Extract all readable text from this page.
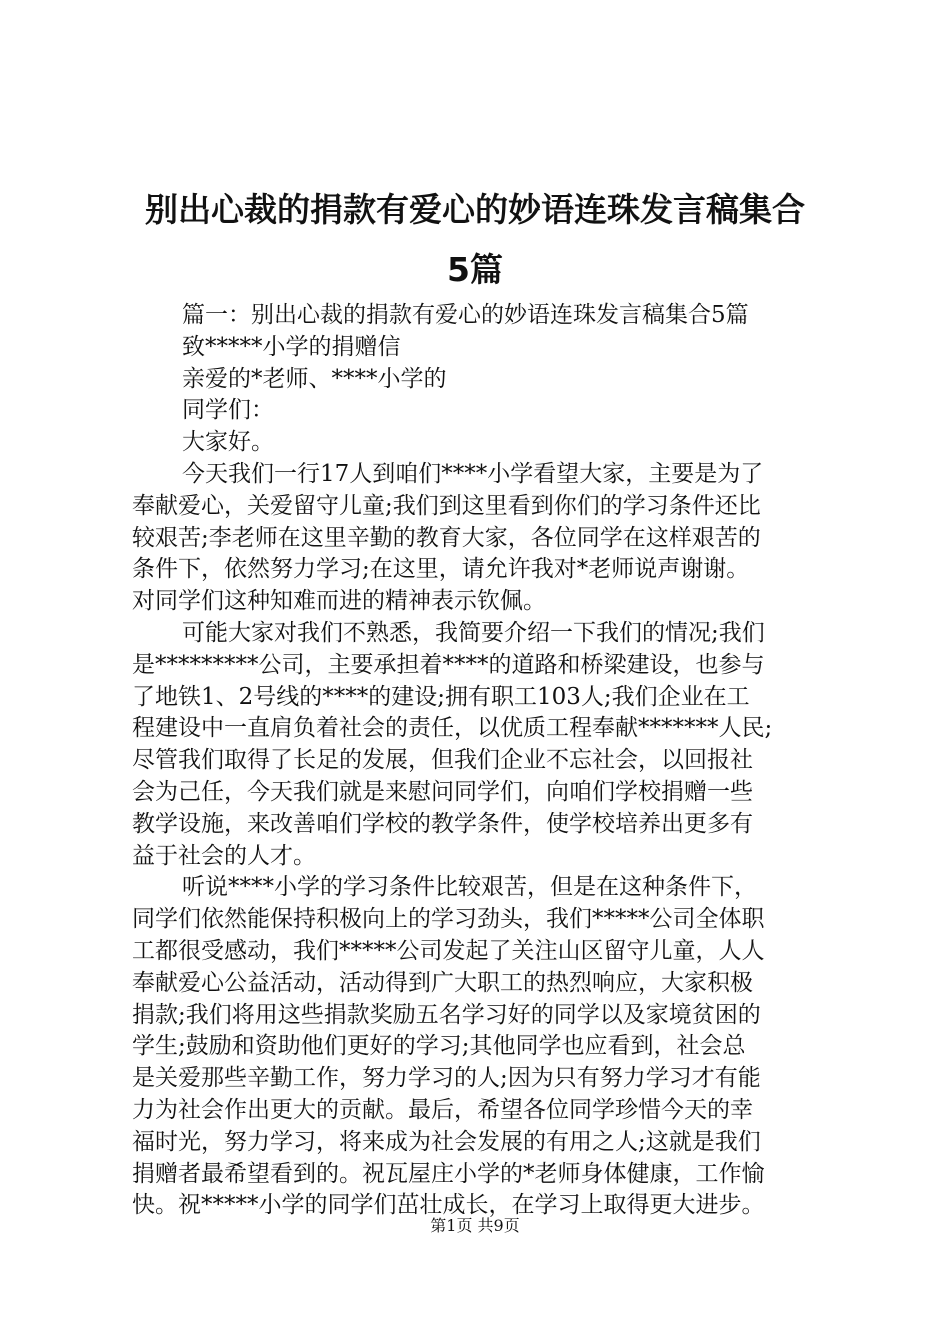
别出心裁的捐款有爱心的妙语连珠发言稿集合
5篇
篇一：别出心裁的捐款有爱心的妙语连珠发言稿集合5篇
致*****小学的捐赠信
亲爱的*老师、****小学的
同学们：
大家好。
今天我们一行17人到咱们****小学看望大家，主要是为了
奉献爱心，关爱留守儿童;我们到这里看到你们的学习条件还比
较艰苦;李老师在这里辛勤的教育大家，各位同学在这样艰苦的
条件下，依然努力学习;在这里，请允许我对*老师说声谢谢。
对同学们这种知难而进的精神表示钦佩。
可能大家对我们不熟悉，我简要介绍一下我们的情况;我们
是*********公司，主要承担着****的道路和桥梁建设，也参与
了地铁1、2号线的****的建设;拥有职工103人;我们企业在工
程建设中一直肩负着社会的责任，以优质工程奉献*******人民;
尽管我们取得了长足的发展，但我们企业不忘社会，以回报社
会为己任，今天我们就是来慰问同学们，向咱们学校捐赠一些
教学设施，来改善咱们学校的教学条件，使学校培养出更多有
益于社会的人才。
听说****小学的学习条件比较艰苦，但是在这种条件下，
同学们依然能保持积极向上的学习劲头，我们*****公司全体职
工都很受感动，我们*****公司发起了关注山区留守儿童，人人
奉献爱心公益活动，活动得到广大职工的热烈响应，大家积极
捐款;我们将用这些捐款奖励五名学习好的同学以及家境贫困的
学生;鼓励和资助他们更好的学习;其他同学也应看到，社会总
是关爱那些辛勤工作，努力学习的人;因为只有努力学习才有能
力为社会作出更大的贡献。最后，希望各位同学珍惜今天的幸
福时光，努力学习，将来成为社会发展的有用之人;这就是我们
捐赠者最希望看到的。祝瓦屋庄小学的*老师身体健康，工作愉
快。祝*****小学的同学们茁壮成长，在学习上取得更大进步。
第1页 共9页
